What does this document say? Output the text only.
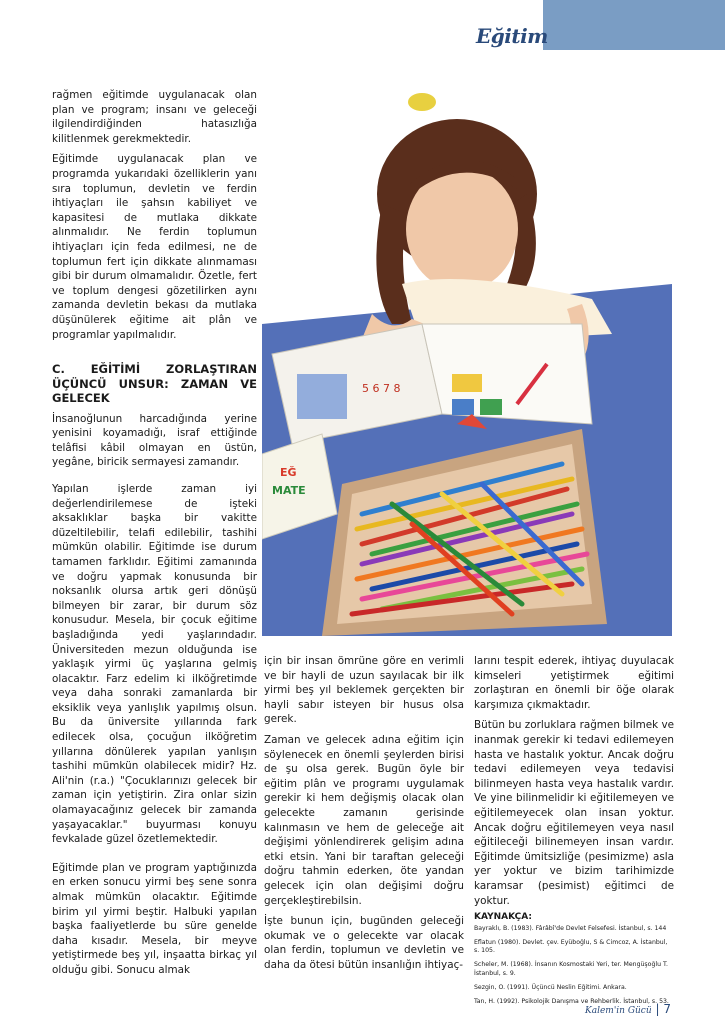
Eğitim

rağmen eğitimde uygulanacak olan plan ve program; insanı ve geleceği ilgilendirdiğinden hatasızlığa kilitlenmek gerekmektedir.

Eğitimde uygulanacak plan ve programda yukarıdaki özelliklerin yanı sıra toplumun, devletin ve ferdin ihtiyaçları ile şahsın kabiliyet ve kapasitesi de mutlaka dikkate alınmalıdır. Ne ferdin toplumun ihtiyaçları için feda edilmesi, ne de toplumun fert için dikkate alınmaması gibi bir durum olmamalıdır. Özetle, fert ve toplum dengesi gözetilirken aynı zamanda devletin bekası da mutlaka düşünülerek eğitime ait plân ve programlar yapılmalıdır.

C. EĞİTİMİ ZORLAŞTIRAN ÜÇÜNCÜ UNSUR: ZAMAN VE GELECEK

İnsanoğlunun harcadığında yerine yenisini koyamadığı, israf ettiğinde telâfisi kâbil olmayan en üstün, yegâne, biricik sermayesi zamandır.

Yapılan işlerde zaman iyi değerlendirilemese de işteki aksaklıklar başka bir vakitte düzeltilebilir, telafi edilebilir, tashihi mümkün olabilir. Eğitimde ise durum tamamen farklıdır. Eğitimi zamanında ve doğru yapmak konusunda bir noksanlık olursa artık geri dönüşü bilmeyen bir zarar, bir durum söz konusudur. Mesela, bir çocuk eğitime başladığında yedi yaşlarındadır. Üniversiteden mezun olduğunda ise yaklaşık yirmi üç yaşlarına gelmiş olacaktır. Farz edelim ki ilköğretimde veya daha sonraki zamanlarda bir eksiklik veya yanlışlık yapılmış olsun. Bu da üniversite yıllarında fark edilecek olsa, çocuğun ilköğretim yıllarına dönülerek yapılan yanlışın tashihi mümkün olabilecek midir? Hz. Ali'nin (r.a.) "Çocuklarınızı gelecek bir zaman için yetiştirin. Zira onlar sizin olamayacağınız gelecek bir zamanda yaşayacaklar." buyurması konuyu fevkalade güzel özetlemektedir.

Eğitimde plan ve program yaptığınızda en erken sonucu yirmi beş sene sonra almak mümkün olacaktır. Eğitimde birim yıl yirmi beştir. Halbuki yapılan başka faaliyetlerde bu süre genelde daha kısadır. Mesela, bir meyve yetiştirmede beş yıl, inşaatta birkaç yıl olduğu gibi. Sonucu almak

5 6 7 8
EĞ
MATE

için bir insan ömrüne göre en verimli ve bir hayli de uzun sayılacak bir ilk yirmi beş yıl beklemek gerçekten bir hayli sabır isteyen bir husus olsa gerek.

Zaman ve gelecek adına eğitim için söylenecek en önemli şeylerden birisi de şu olsa gerek. Bugün öyle bir eğitim plân ve programı uygulamak gerekir ki hem değişmiş olacak olan gelecekte zamanın gerisinde kalınmasın ve hem de geleceğe ait değişimi yönlendirerek gelişim adına etki etsin. Yani bir taraftan geleceği doğru tahmin ederken, öte yandan gelecek için olan değişimi doğru gerçekleştirebilsin.

İşte bunun için, bugünden geleceği okumak ve o gelecekte var olacak olan ferdin, toplumun ve devletin ve daha da ötesi bütün insanlığın ihtiyaç-

larını tespit ederek, ihtiyaç duyulacak kimseleri yetiştirmek eğitimi zorlaştıran en önemli bir öğe olarak karşımıza çıkmaktadır.

Bütün bu zorluklara rağmen bilmek ve inanmak gerekir ki tedavi edilemeyen hasta ve hastalık yoktur. Ancak doğru tedavi edilemeyen veya tedavisi bilinmeyen hasta veya hastalık vardır. Ve yine bilinmelidir ki eğitilemeyen ve eğitilemeyecek olan insan yoktur. Ancak doğru eğitilemeyen veya nasıl eğitileceği bilinemeyen insan vardır. Eğitimde ümitsizliğe (pesimizme) asla yer yoktur ve bizim tarihimizde karamsar (pesimist) eğitimci de yoktur.

KAYNAKÇA:

Bayraklı, B. (1983). Fârâbî'de Devlet Felsefesi. İstanbul, s. 144

Eflatun (1980). Devlet. çev. Eyüboğlu, S & Cimcoz, A. İstanbul, s. 105.

Scheler, M. (1968). İnsanın Kosmostaki Yeri, ter. Mengüşoğlu T. İstanbul, s. 9.

Sezgin, O. (1991). Üçüncü Neslin Eğitimi. Ankara.

Tan, H. (1992). Psikolojik Danışma ve Rehberlik. İstanbul, s. 53.

Kalem'in Gücü | 7
